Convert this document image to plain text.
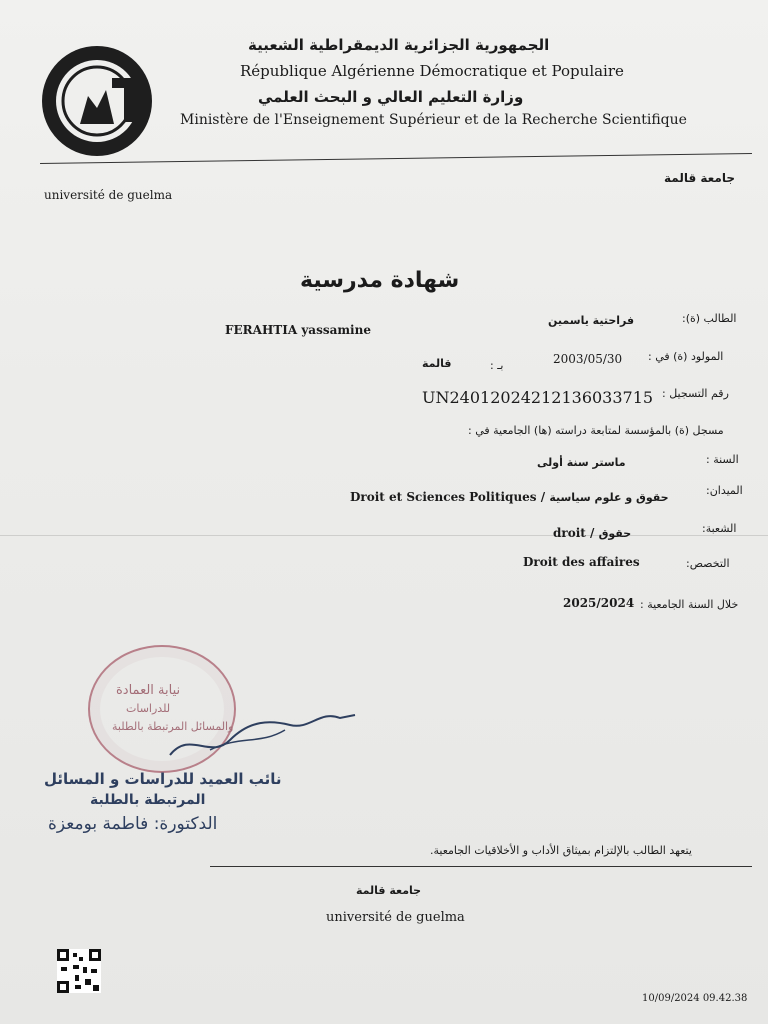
الجمهورية الجزائرية الديمقراطية الشعبية
République Algérienne Démocratique et Populaire
وزارة التعليم العالي و البحث العلمي
Ministère de l'Enseignement Supérieur et de la Recherche Scientifique
université de guelma
جامعة قالمة
شهادة مدرسية
الطالب (ة):
فراحتية ياسمين
FERAHTIA yassamine
المولود (ة) في :
2003/05/30
بـ :
قالمة
رقم التسجيل :
UN24012024212136033715
مسجل (ة) بالمؤسسة لمتابعة دراسته (ها) الجامعية في :
السنة :
ماستر سنة أولى
الميدان:
Droit et Sciences Politiques / حقوق و علوم سياسية
الشعبة:
droit / حقوق
التخصص:
Droit des affaires
خلال السنة الجامعية :
2025/2024
نيابة العمادة
للدراسات
والمسائل المرتبطة بالطلبة
نائب العميد للدراسات و المسائل
المرتبطة بالطلبة
الدكتورة: فاطمة بومعزة
يتعهد الطالب بالإلتزام بميثاق الأداب و الأخلاقيات الجامعية.
جامعة قالمة
université de guelma
10/09/2024 09.42.38
